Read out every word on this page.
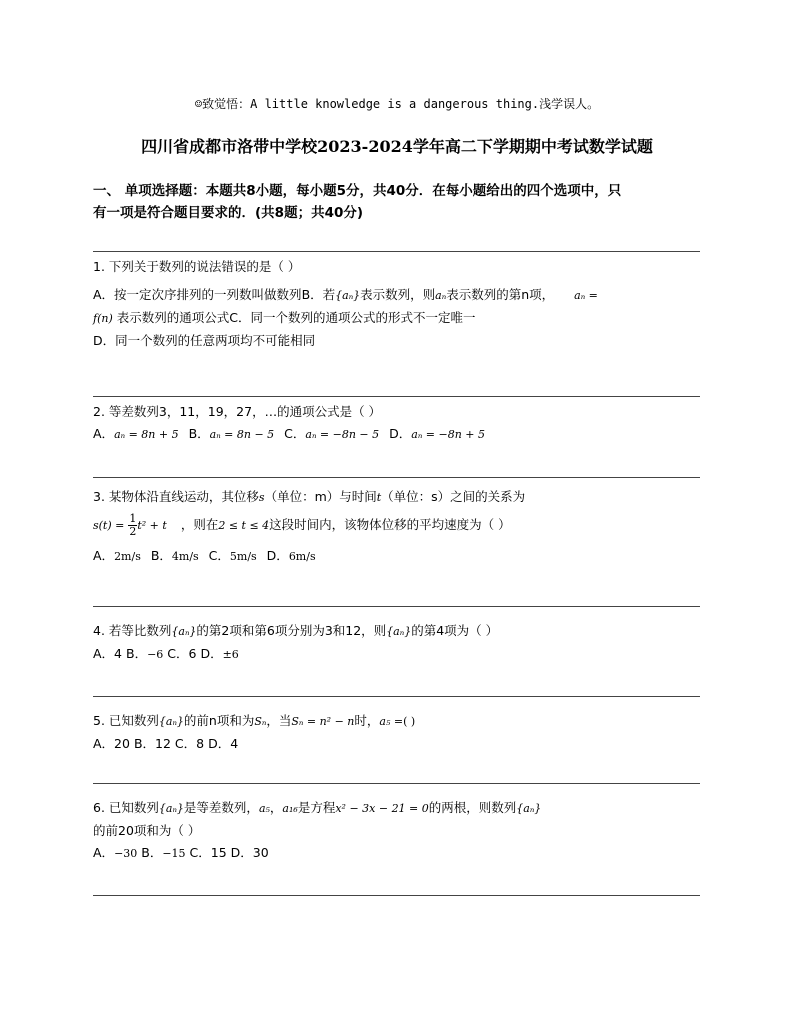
☺致觉悟：A little knowledge is a dangerous thing.浅学误人。
四川省成都市洛带中学校2023-2024学年高二下学期期中考试数学试题
一、 单项选择题：本题共8小题，每小题5分，共40分．在每小题给出的四个选项中，只
有一项是符合题目要求的．(共8题；共40分)
1. 下列关于数列的说法错误的是（ ）
A．按一定次序排列的一列数叫做数列B．若{aₙ}表示数列，则aₙ表示数列的第n项， aₙ =
f(n) 表示数列的通项公式C．同一个数列的通项公式的形式不一定唯一
D．同一个数列的任意两项均不可能相同
2. 等差数列3，11，19，27，…的通项公式是（ ）
A．aₙ = 8n + 5 B．aₙ = 8n − 5 C．aₙ = −8n − 5 D．aₙ = −8n + 5
3. 某物体沿直线运动，其位移s（单位：m）与时间t（单位：s）之间的关系为
$s(t) = \frac{1}{2} t^2 + t$ ，则在2 ≤ t ≤ 4这段时间内，该物体位移的平均速度为（ ）
A．2m/s B．4m/s C．5m/s D．6m/s
4. 若等比数列{aₙ}的第2项和第6项分别为3和12，则{aₙ}的第4项为（ ）
A．4 B．−6 C．6 D．±6
5. 已知数列{aₙ}的前n项和为Sₙ，当Sₙ = n² − n时，a₅ =( )
A．20 B．12 C．8 D．4
6. 已知数列{aₙ}是等差数列，a₅，a₁₆是方程x² − 3x − 21 = 0的两根，则数列{aₙ}
的前20项和为（ ）
A．−30 B．−15 C．15 D．30
